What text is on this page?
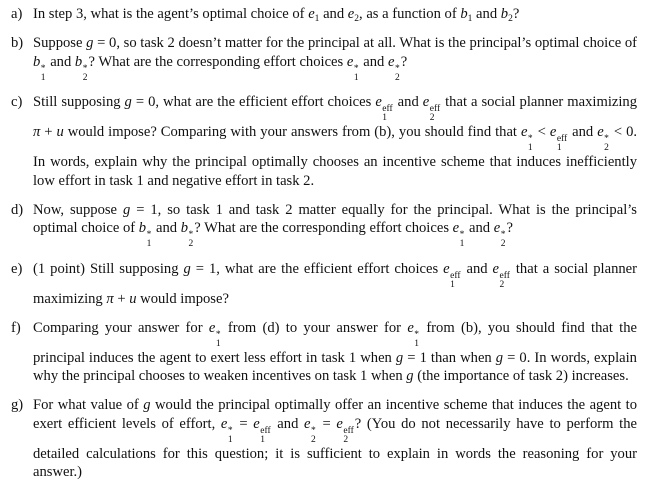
a) In step 3, what is the agent’s optimal choice of $e_1$ and $e_2$, as a function of $b_1$ and $b_2$?
b) Suppose g = 0, so task 2 doesn’t matter for the principal at all. What is the principal’s optimal choice of b *
1
and b *
2
? What are the corresponding effort choices e *
1
and e *
2
?
c) Still supposing g = 0, what are the efficient effort choices e eff
1
and e eff
2
that a social planner maximizing π + u would impose? Comparing with your answers from (b), you should find that e *
1
< e eff
1
and e *
2
< 0. In words, explain why the principal optimally chooses an incentive scheme that induces inefficiently low effort in task 1 and negative effort in task 2.
d) Now, suppose g = 1, so task 1 and task 2 matter equally for the principal. What is the principal’s optimal choice of b *
1
and b *
2
? What are the corresponding effort choices e *
1
and e *
2
?
e) (1 point) Still supposing g = 1, what are the efficient effort choices e eff
1
and e eff
2
that a social planner maximizing π + u would impose?
f) Comparing your answer for e *
1
from (d) to your answer for e *
1
from (b), you should find that the principal induces the agent to exert less effort in task 1 when g = 1 than when g = 0. In words, explain why the principal chooses to weaken incentives on task 1 when g (the importance of task 2) increases.
g) For what value of g would the principal optimally offer an incentive scheme that induces the agent to exert efficient levels of effort, e *
1
= e eff
1
and e *
2
= e eff
2
? (You do not necessarily have to perform the detailed calculations for this question; it is sufficient to explain in words the reasoning for your answer.)
